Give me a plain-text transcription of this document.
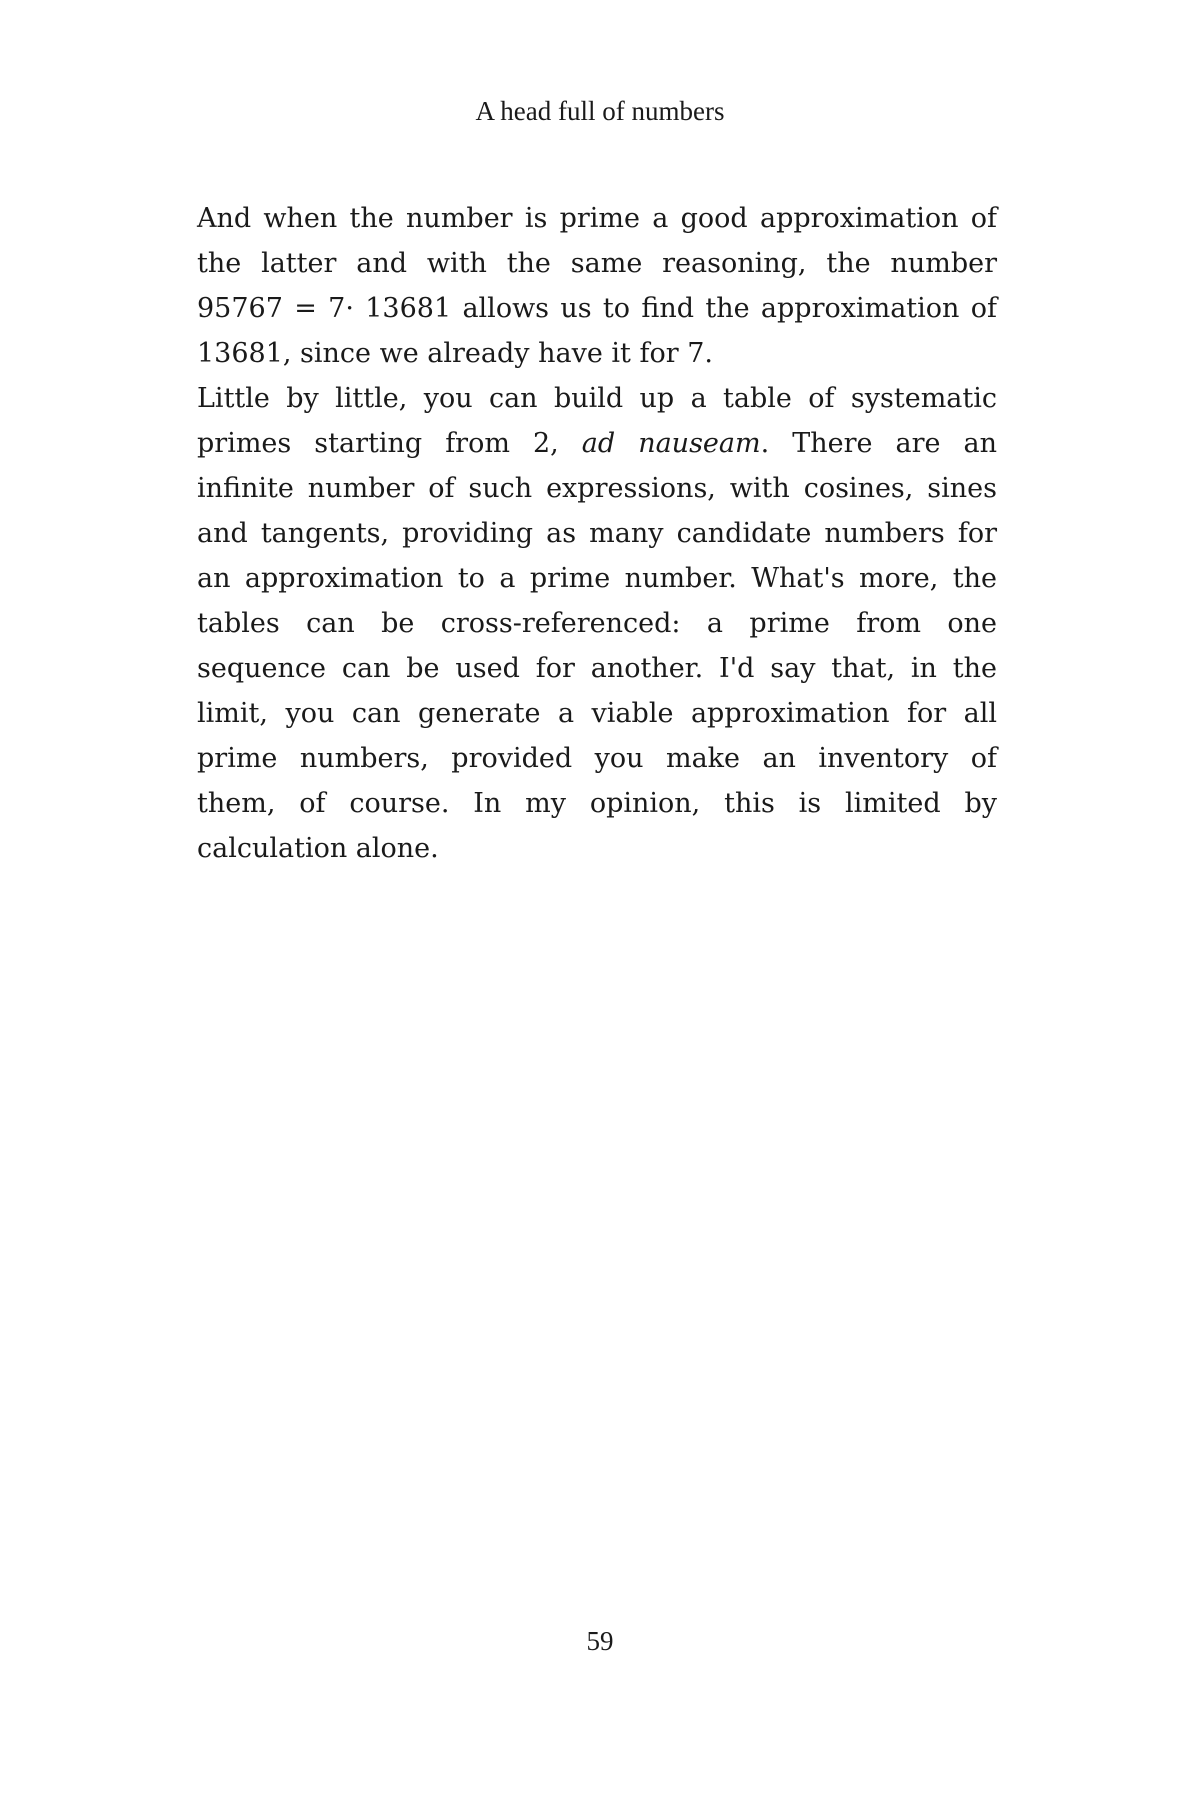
A head full of numbers
And when the number is prime a good approximation of
the latter and with the same reasoning, the number
95767 = 7· 13681 allows us to find the approximation of
13681, since we already have it for 7.
Little by little, you can build up a table of systematic
primes starting from 2, ad nauseam. There are an
infinite number of such expressions, with cosines, sines
and tangents, providing as many candidate numbers for
an approximation to a prime number. What's more, the
tables can be cross-referenced: a prime from one
sequence can be used for another. I'd say that, in the
limit, you can generate a viable approximation for all
prime numbers, provided you make an inventory of
them, of course. In my opinion, this is limited by
calculation alone.
59
